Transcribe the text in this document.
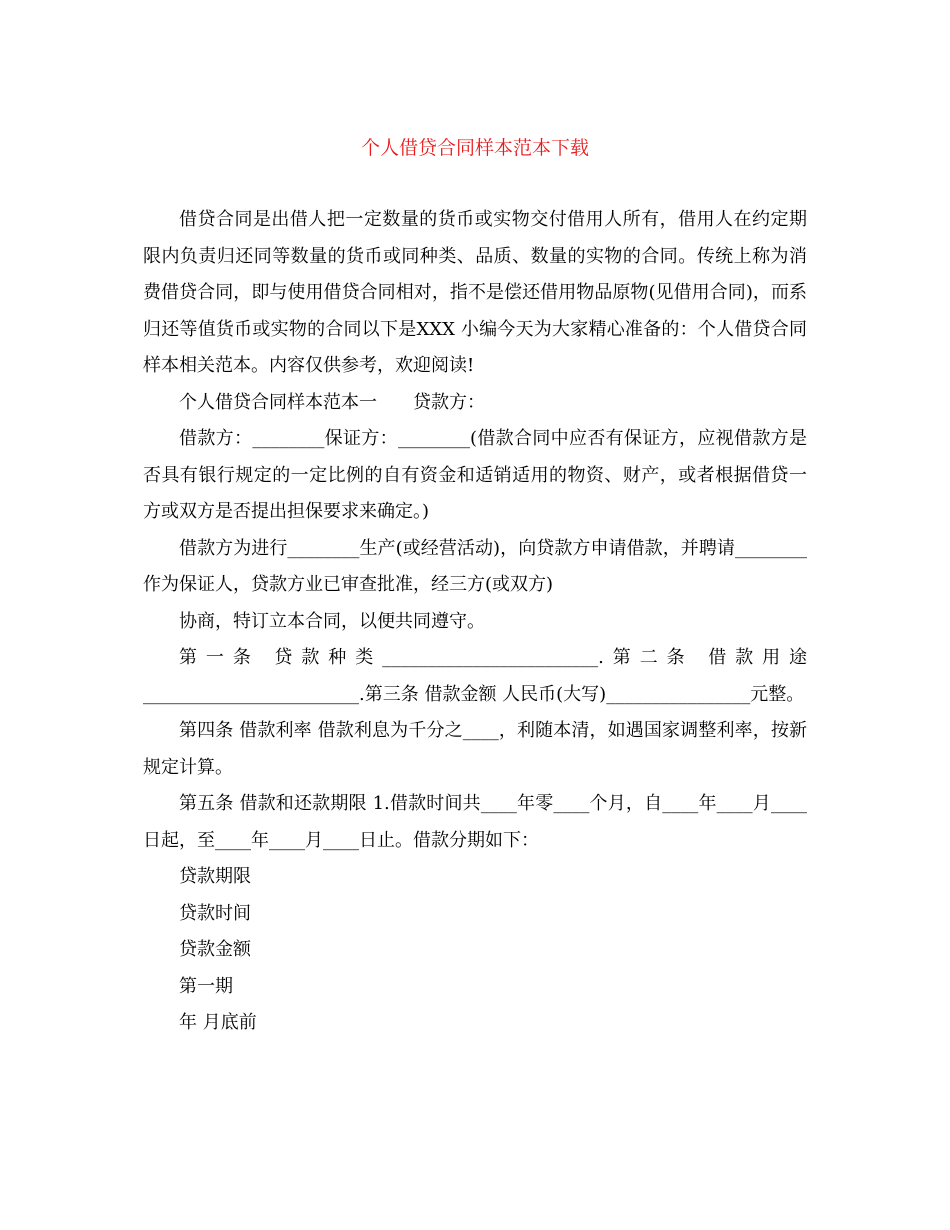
个人借贷合同样本范本下载

借贷合同是出借人把一定数量的货币或实物交付借用人所有，借用人在约定期限内负责归还同等数量的货币或同种类、品质、数量的实物的合同。传统上称为消费借贷合同，即与使用借贷合同相对，指不是偿还借用物品原物(见借用合同)，而系归还等值货币或实物的合同以下是XXX 小编今天为大家精心准备的：个人借贷合同样本相关范本。内容仅供参考，欢迎阅读!

个人借贷合同样本范本一　　贷款方：

借款方：________保证方：________(借款合同中应否有保证方，应视借款方是否具有银行规定的一定比例的自有资金和适销适用的物资、财产，或者根据借贷一方或双方是否提出担保要求来确定。)

借款方为进行________生产(或经营活动)，向贷款方申请借款，并聘请________作为保证人，贷款方业已审查批准，经三方(或双方)

协商，特订立本合同，以便共同遵守。

第一条 贷款种类________________________.第二条 借款用途________________________.第三条 借款金额 人民币(大写)________________元整。

第四条 借款利率 借款利息为千分之____，利随本清，如遇国家调整利率，按新规定计算。

第五条 借款和还款期限 1.借款时间共____年零____个月，自____年____月____日起，至____年____月____日止。借款分期如下：

贷款期限

贷款时间

贷款金额

第一期

年 月底前
